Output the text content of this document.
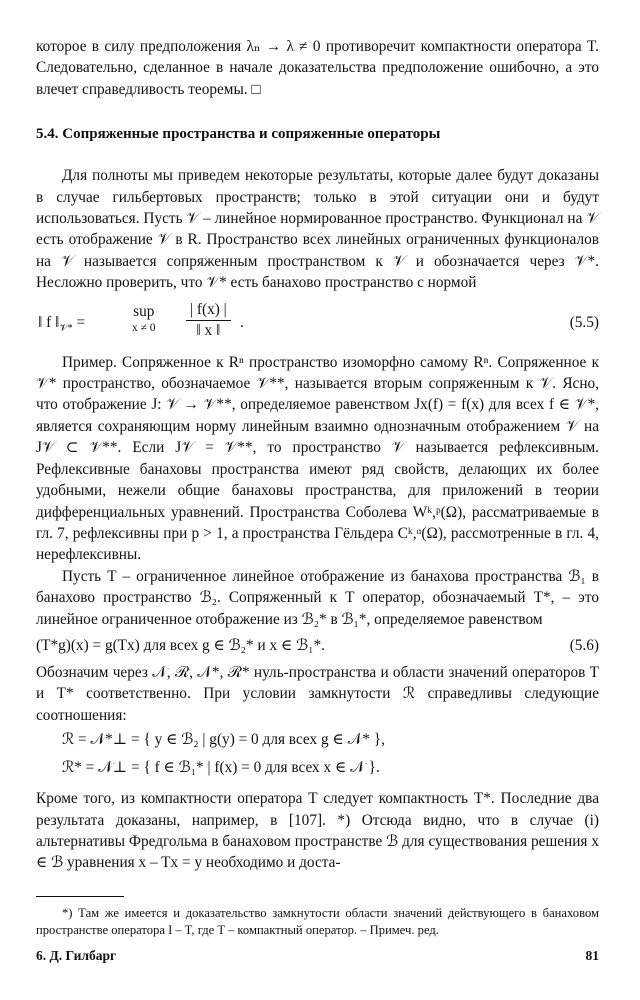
которое в силу предположения λₙ → λ ≠ 0 противоречит компактности оператора T. Следовательно, сделанное в начале доказательства предположение ошибочно, а это влечет справедливость теоремы. □

5.4. Сопряженные пространства и сопряженные операторы

Для полноты мы приведем некоторые результаты, которые далее будут доказаны в случае гильбертовых пространств; только в этой ситуации они и будут использоваться. Пусть 𝒱 – линейное нормированное пространство. Функционал на 𝒱 есть отображение 𝒱 в R. Пространство всех линейных ограниченных функционалов на 𝒱 называется сопряженным пространством к 𝒱 и обозначается через 𝒱*. Несложно проверить, что 𝒱* есть банахово пространство с нормой

‖ f $‖_{𝒱*}$ =
sup
$x \ne 0 \frac{| f(x) |}{‖ x ‖}$ .	(5.5)

Пример. Сопряженное к Rⁿ пространство изоморфно самому Rⁿ. Сопряженное к 𝒱* пространство, обозначаемое 𝒱**, называется вторым сопряженным к 𝒱. Ясно, что отображение J: 𝒱 → 𝒱**, определяемое равенством Jx(f) = f(x) для всех f ∈ 𝒱*, является сохраняющим норму линейным взаимно однозначным отображением 𝒱 на J𝒱 ⊂ 𝒱**. Если J𝒱 = 𝒱**, то пространство 𝒱 называется рефлексивным. Рефлексивные банаховы пространства имеют ряд свойств, делающих их более удобными, нежели общие банаховы пространства, для приложений в теории дифференциальных уравнений. Пространства Соболева Wᵏ,ᵖ(Ω), рассматриваемые в гл. 7, рефлексивны при p > 1, а пространства Гёльдера Cᵏ,ᵅ(Ω), рассмотренные в гл. 4, нерефлексивны.

Пусть T – ограниченное линейное отображение из банахова пространства ℬ₁ в банахово пространство ℬ₂. Сопряженный к T оператор, обозначаемый T*, – это линейное ограниченное отображение из ℬ₂* в ℬ₁*, определяемое равенством

(T*g)(x) = g(Tx) для всех g ∈ ℬ₂* и x ∈ ℬ₁*.	(5.6)

Обозначим через 𝒩, ℛ, 𝒩*, ℛ* нуль-пространства и области значений операторов T и T* соответственно. При условии замкнутости ℛ справедливы следующие соотношения:

ℛ = 𝒩*⊥ = { y ∈ ℬ₂ | g(y) = 0 для всех g ∈ 𝒩* },
ℛ* = 𝒩⊥ = { f ∈ ℬ₁* | f(x) = 0 для всех x ∈ 𝒩 }.

Кроме того, из компактности оператора T следует компактность T*. Последние два результата доказаны, например, в [107]. *) Отсюда видно, что в случае (i) альтернативы Фредгольма в банаховом пространстве ℬ для существования решения x ∈ ℬ уравнения x – Tx = y необходимо и доста-

*) Там же имеется и доказательство замкнутости области значений действующего в банаховом пространстве оператора I – T, где T – компактный оператор. – Примеч. ред.

6. Д. Гилбарг	81
